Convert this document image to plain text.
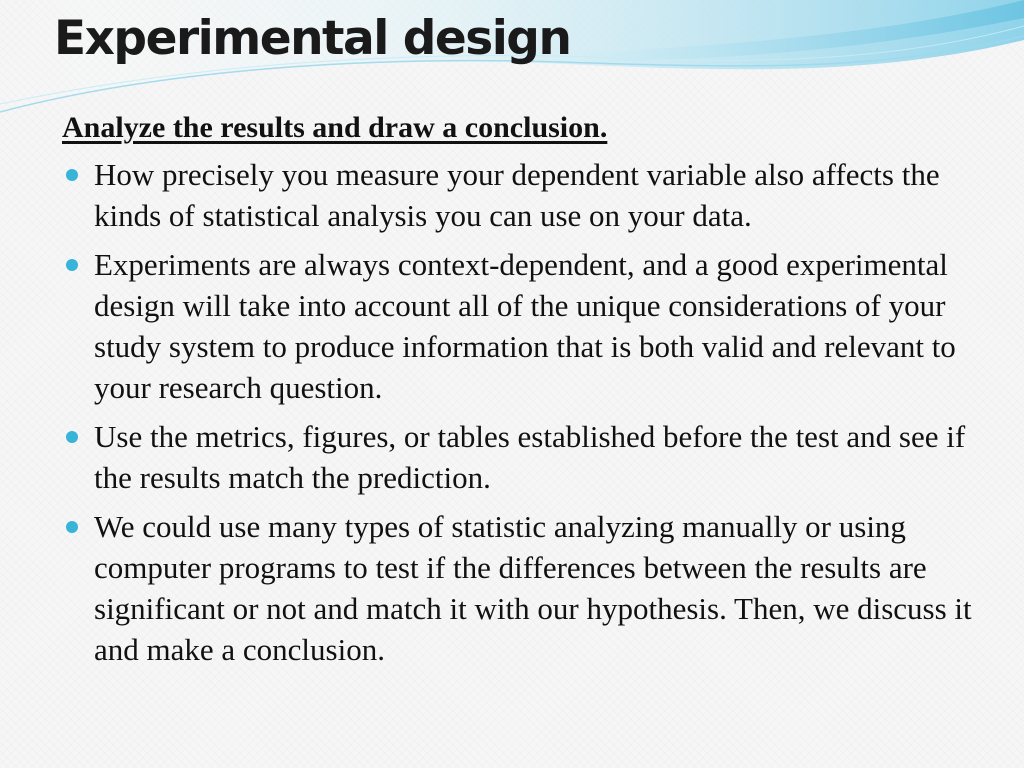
Experimental design

Analyze the results and draw a conclusion.

How precisely you measure your dependent variable also affects the kinds of statistical analysis you can use on your data.
Experiments are always context-dependent, and a good experimental design will take into account all of the unique considerations of your study system to produce information that is both valid and relevant to your research question.
Use the metrics, figures, or tables established before the test and see if the results match the prediction.
We could use many types of statistic analyzing manually or using computer programs to test if the differences between the results are significant or not and match it with our hypothesis. Then, we discuss it and make a conclusion.
